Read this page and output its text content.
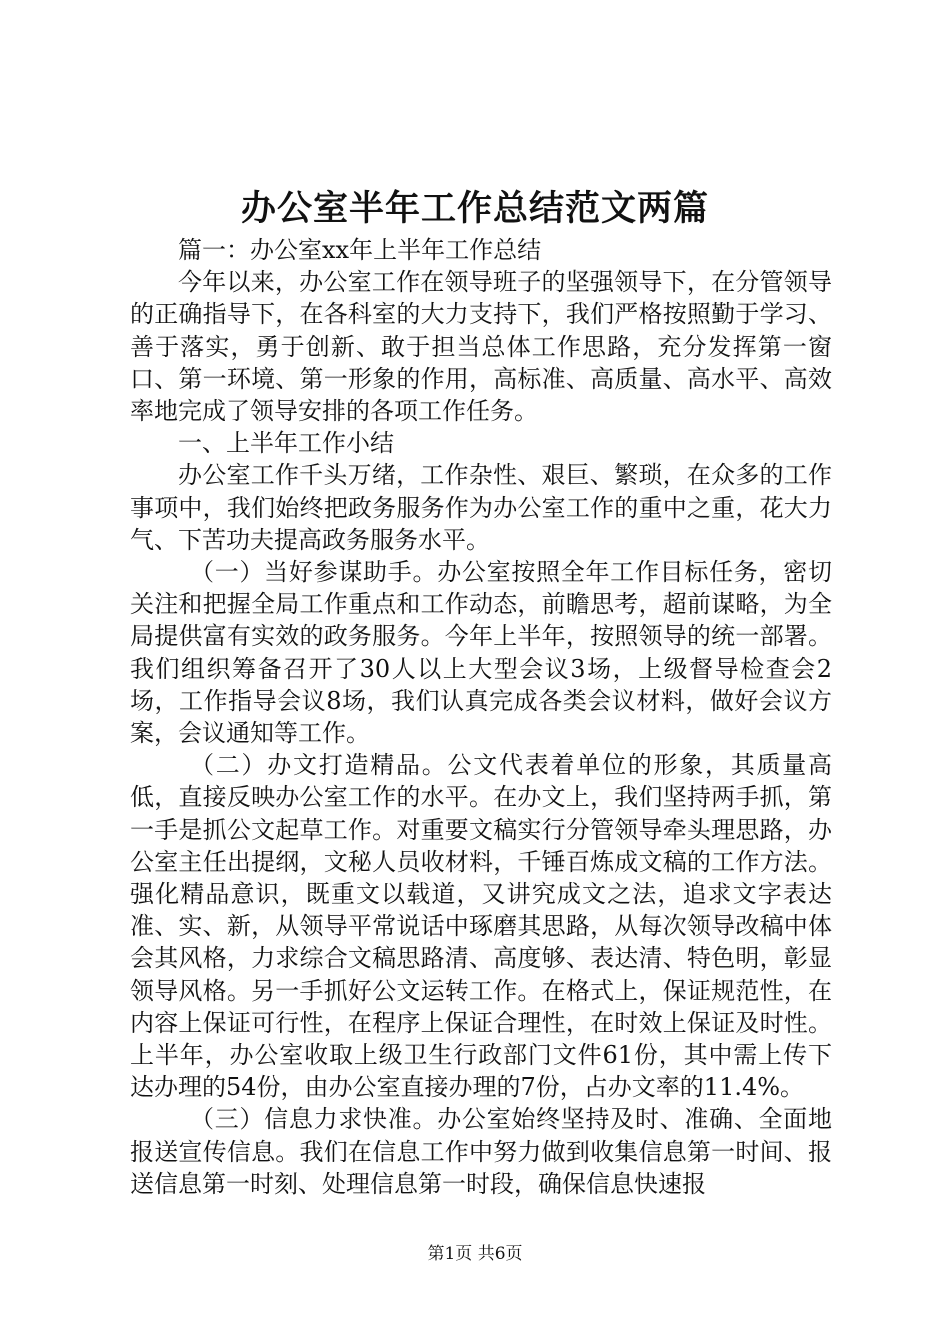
办公室半年工作总结范文两篇

篇一：办公室xx年上半年工作总结

今年以来，办公室工作在领导班子的坚强领导下，在分管领导的正确指导下，在各科室的大力支持下，我们严格按照勤于学习、善于落实，勇于创新、敢于担当总体工作思路，充分发挥第一窗口、第一环境、第一形象的作用，高标准、高质量、高水平、高效率地完成了领导安排的各项工作任务。

一、上半年工作小结

办公室工作千头万绪，工作杂性、艰巨、繁琐，在众多的工作事项中，我们始终把政务服务作为办公室工作的重中之重，花大力气、下苦功夫提高政务服务水平。

（一）当好参谋助手。办公室按照全年工作目标任务，密切关注和把握全局工作重点和工作动态，前瞻思考，超前谋略，为全局提供富有实效的政务服务。今年上半年，按照领导的统一部署。我们组织筹备召开了30人以上大型会议3场，上级督导检查会2场，工作指导会议8场，我们认真完成各类会议材料，做好会议方案，会议通知等工作。

（二）办文打造精品。公文代表着单位的形象，其质量高低，直接反映办公室工作的水平。在办文上，我们坚持两手抓，第一手是抓公文起草工作。对重要文稿实行分管领导牵头理思路，办公室主任出提纲，文秘人员收材料，千锤百炼成文稿的工作方法。强化精品意识，既重文以载道，又讲究成文之法，追求文字表达准、实、新，从领导平常说话中琢磨其思路，从每次领导改稿中体会其风格，力求综合文稿思路清、高度够、表达清、特色明，彰显领导风格。另一手抓好公文运转工作。在格式上，保证规范性，在内容上保证可行性，在程序上保证合理性，在时效上保证及时性。上半年，办公室收取上级卫生行政部门文件61份，其中需上传下达办理的54份，由办公室直接办理的7份，占办文率的11.4%。

（三）信息力求快准。办公室始终坚持及时、准确、全面地报送宣传信息。我们在信息工作中努力做到收集信息第一时间、报送信息第一时刻、处理信息第一时段，确保信息快速报

第1页 共6页
